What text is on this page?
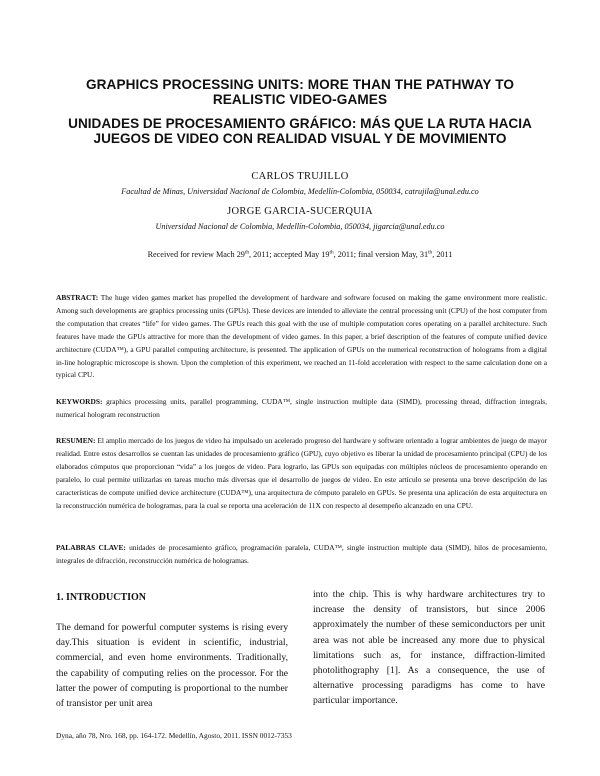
GRAPHICS PROCESSING UNITS: MORE THAN THE PATHWAY TO REALISTIC VIDEO-GAMES
UNIDADES DE PROCESAMIENTO GRÁFICO: MÁS QUE LA RUTA HACIA JUEGOS DE VIDEO CON REALIDAD VISUAL Y DE MOVIMIENTO
CARLOS TRUJILLO
Facultad de Minas, Universidad Nacional de Colombia, Medellín-Colombia, 050034, catrujila@unal.edu.co
JORGE GARCIA-SUCERQUIA
Universidad Nacional de Colombia, Medellín-Colombia, 050034, jigarcia@unal.edu.co
Received for review Mach 29th, 2011; accepted May 19th, 2011; final version May, 31th, 2011
ABSTRACT: The huge video games market has propelled the development of hardware and software focused on making the game environment more realistic. Among such developments are graphics processing units (GPUs). These devices are intended to alleviate the central processing unit (CPU) of the host computer from the computation that creates “life” for video games. The GPUs reach this goal with the use of multiple computation cores operating on a parallel architecture. Such features have made the GPUs attractive for more than the development of video games. In this paper, a brief description of the features of compute unified device architecture (CUDA™), a GPU parallel computing architecture, is presented. The application of GPUs on the numerical reconstruction of holograms from a digital in-line holographic microscope is shown. Upon the completion of this experiment, we reached an 11-fold acceleration with respect to the same calculation done on a typical CPU.
KEYWORDS: graphics processing units, parallel programming, CUDA™, single instruction multiple data (SIMD), processing thread, diffraction integrals, numerical hologram reconstruction
RESUMEN: El amplio mercado de los juegos de video ha impulsado un acelerado progreso del hardware y software orientado a lograr ambientes de juego de mayor realidad. Entre estos desarrollos se cuentan las unidades de procesamiento gráfico (GPU), cuyo objetivo es liberar la unidad de procesamiento principal (CPU) de los elaborados cómputos que proporcionan “vida” a los juegos de video. Para lograrlo, las GPUs son equipadas con múltiples núcleos de procesamiento operando en paralelo, lo cual permite utilizarlas en tareas mucho más diversas que el desarrollo de juegos de video. En este artículo se presenta una breve descripción de las características de compute unified device architecture (CUDA™), una arquitectura de cómputo paralelo en GPUs. Se presenta una aplicación de esta arquitectura en la reconstrucción numérica de hologramas, para la cual se reporta una aceleración de 11X con respecto al desempeño alcanzado en una CPU.
PALABRAS CLAVE: unidades de procesamiento gráfico, programación paralela, CUDA™, single instruction multiple data (SIMD), hilos de procesamiento, integrales de difracción, reconstrucción numérica de hologramas.
1. INTRODUCTION
The demand for powerful computer systems is rising every day.This situation is evident in scientific, industrial, commercial, and even home environments. Traditionally, the capability of computing relies on the processor. For the latter the power of computing is proportional to the number of transistor per unit area
into the chip. This is why hardware architectures try to increase the density of transistors, but since 2006 approximately the number of these semiconductors per unit area was not able be increased any more due to physical limitations such as, for instance, diffraction-limited photolithography [1]. As a consequence, the use of alternative processing paradigms has come to have particular importance.
Dyna, año 78, Nro. 168, pp. 164-172. Medellín, Agosto, 2011. ISSN 0012-7353
